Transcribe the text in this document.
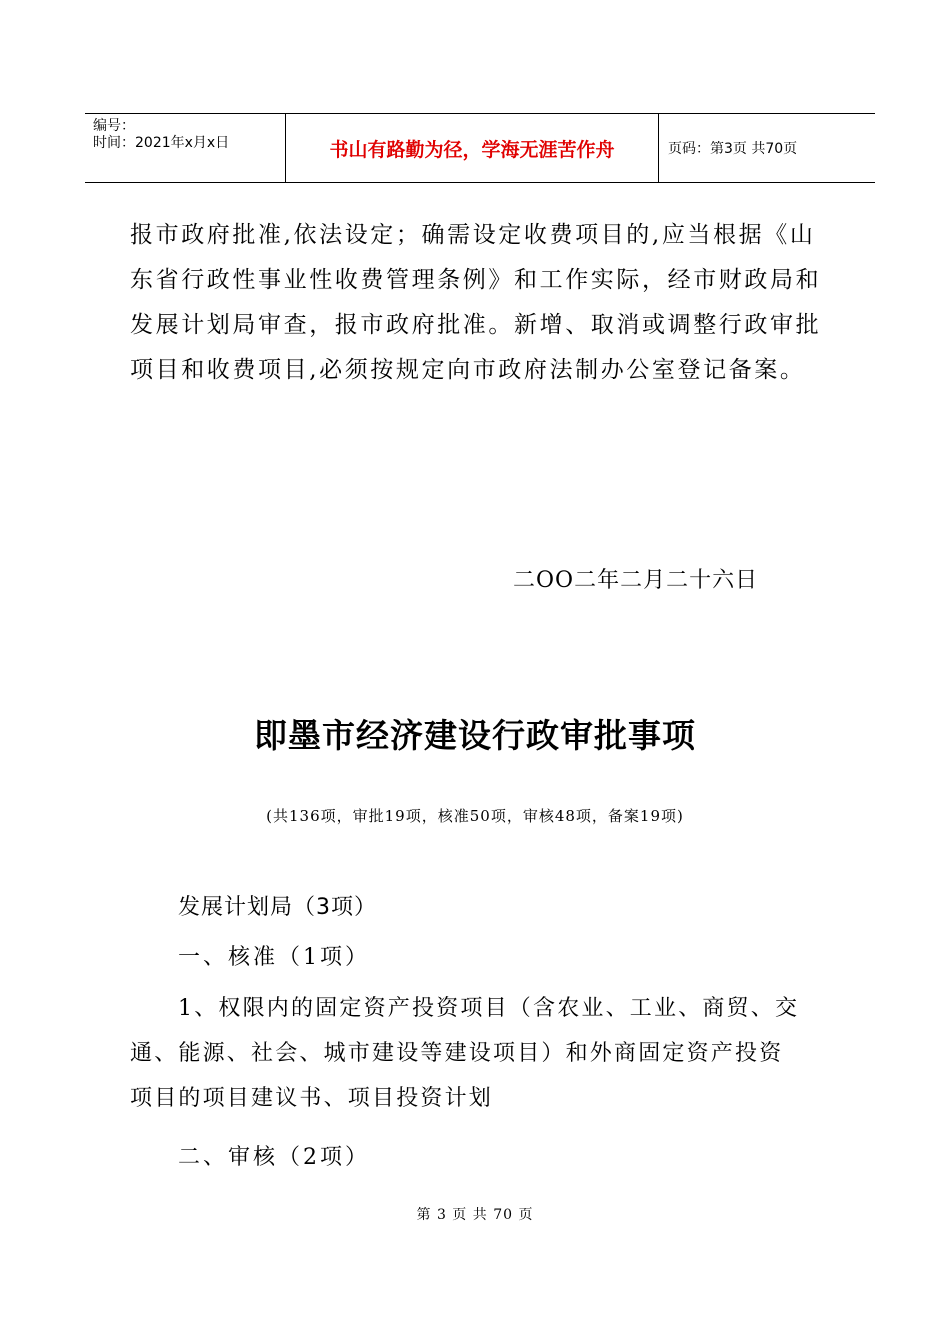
编号：
时间：2021年x月x日	书山有路勤为径，学海无涯苦作舟	页码：第3页 共70页
报市政府批准,依法设定；确需设定收费项目的,应当根据《山
东省行政性事业性收费管理条例》和工作实际，经市财政局和
发展计划局审查，报市政府批准。新增、取消或调整行政审批
项目和收费项目,必须按规定向市政府法制办公室登记备案。
二OO二年二月二十六日
即墨市经济建设行政审批事项
(共136项，审批19项，核准50项，审核48项，备案19项)
发展计划局（3项）
一、核准（1项）
1、权限内的固定资产投资项目（含农业、工业、商贸、交
通、能源、社会、城市建设等建设项目）和外商固定资产投资
项目的项目建议书、项目投资计划
二、审核（2项）
第 3 页 共 70 页
